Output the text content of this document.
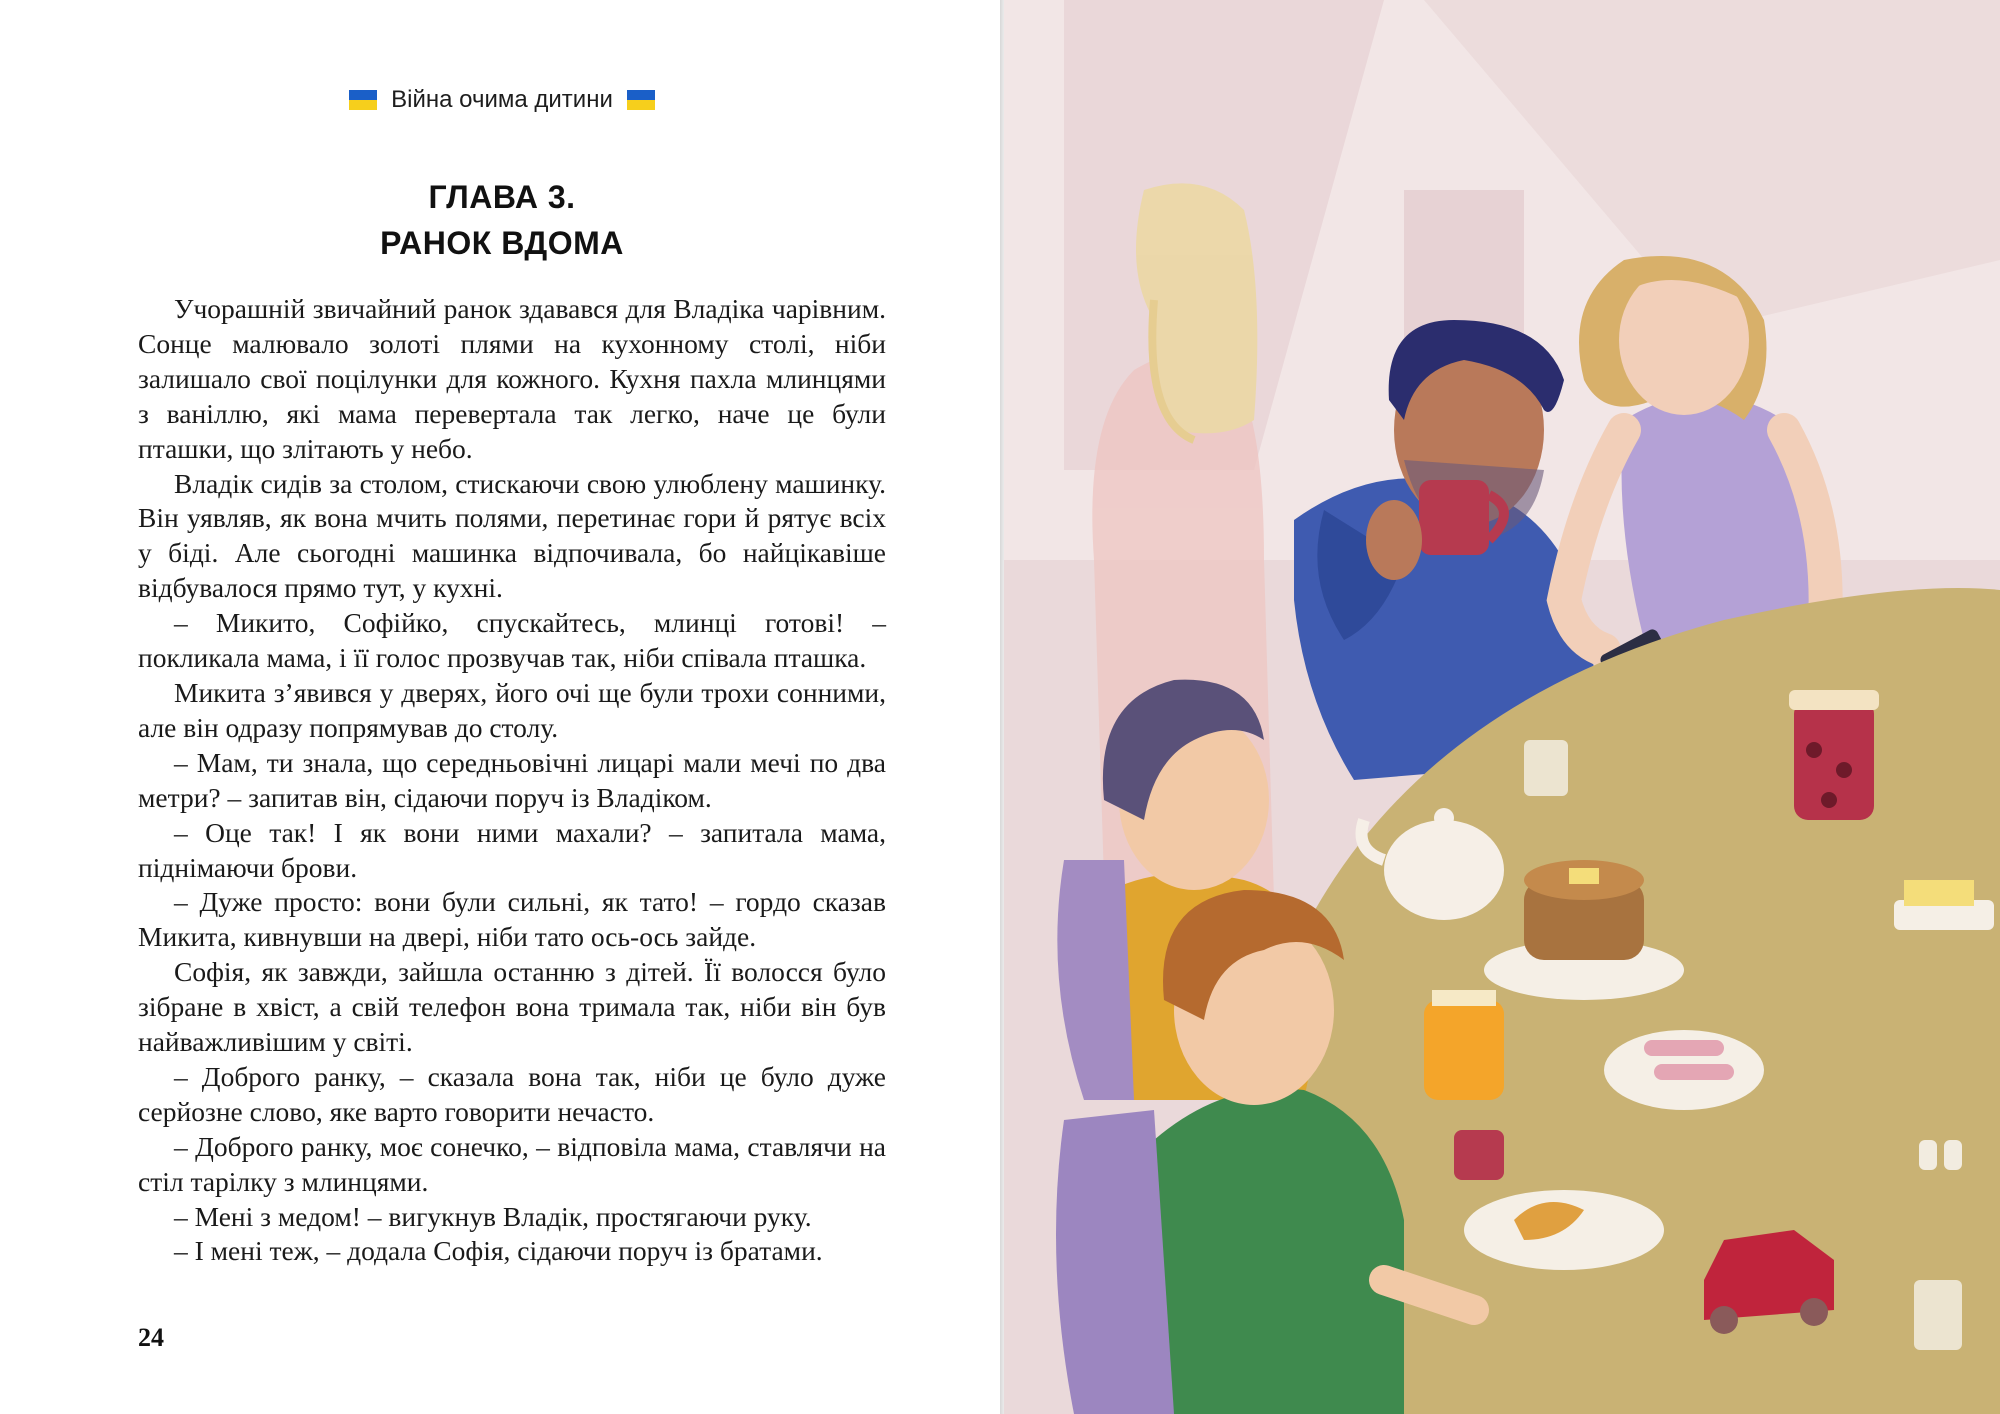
Війна очима дитини
ГЛАВА 3.
РАНОК ВДОМА

Учорашній звичайний ранок здавався для Владіка чарівним. Сонце малювало золоті плями на кухонному столі, ніби залишало свої поцілунки для кожного. Кухня пахла млинцями з ваніллю, які мама перевертала так легко, наче це були пташки, що злітають у небо.

Владік сидів за столом, стискаючи свою улюблену машинку. Він уявляв, як вона мчить полями, перетинає гори й рятує всіх у біді. Але сьогодні машинка відпочивала, бо найцікавіше відбувалося прямо тут, у кухні.

– Микито, Софійко, спускайтесь, млинці готові! – покликала мама, і її голос прозвучав так, ніби співала пташка.

Микита з’явився у дверях, його очі ще були трохи сонними, але він одразу попрямував до столу.

– Мам, ти знала, що середньовічні лицарі мали мечі по два метри? – запитав він, сідаючи поруч із Владіком.

– Оце так! І як вони ними махали? – запитала мама, піднімаючи брови.

– Дуже просто: вони були сильні, як тато! – гордо сказав Микита, кивнувши на двері, ніби тато ось-ось зайде.

Софія, як завжди, зайшла останню з дітей. Її волосся було зібране в хвіст, а свій телефон вона тримала так, ніби він був найважливішим у світі.

– Доброго ранку, – сказала вона так, ніби це було дуже серйозне слово, яке варто говорити нечасто.

– Доброго ранку, моє сонечко, – відповіла мама, ставлячи на стіл тарілку з млинцями.

– Мені з медом! – вигукнув Владік, простягаючи руку.

– І мені теж, – додала Софія, сідаючи поруч із братами.

24
